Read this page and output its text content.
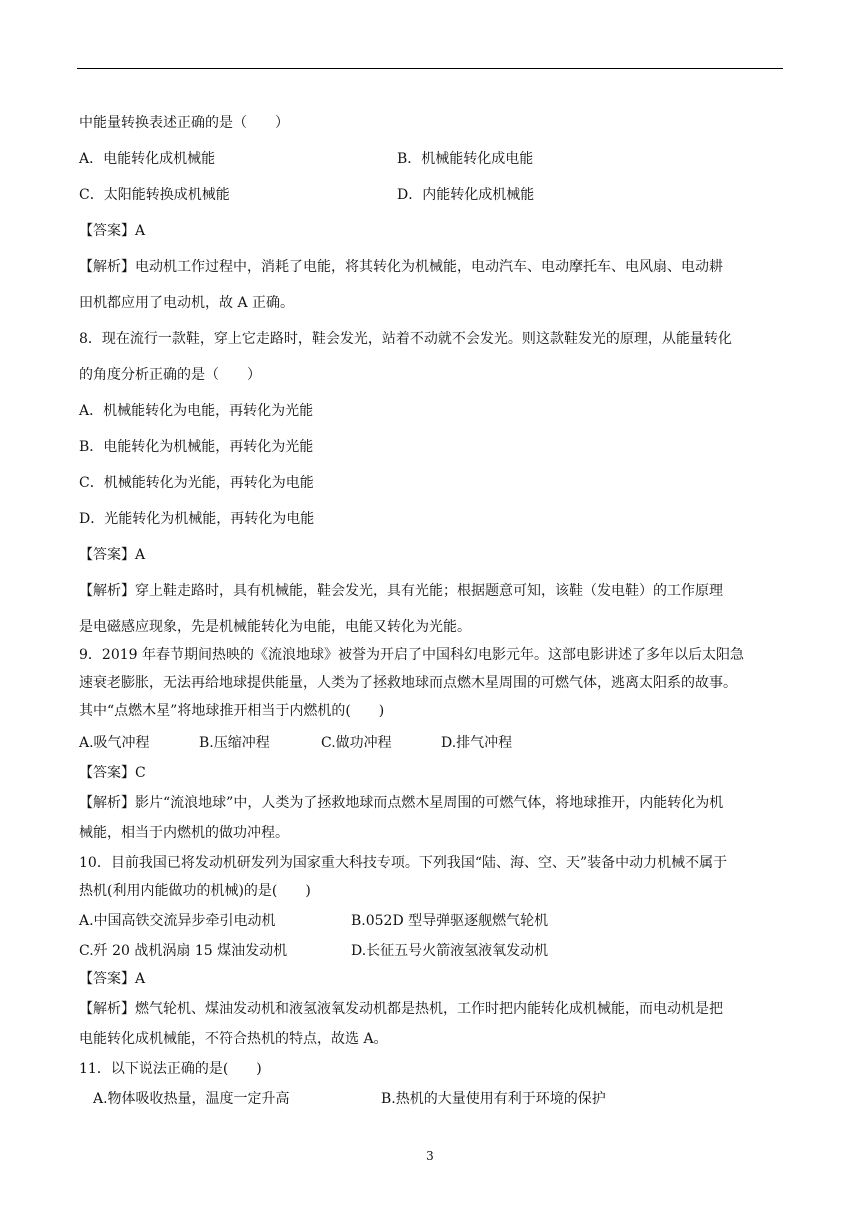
中能量转换表述正确的是（　　）
A．电能转化成机械能	B．机械能转化成电能
C．太阳能转换成机械能	D．内能转化成机械能
【答案】A
【解析】电动机工作过程中，消耗了电能，将其转化为机械能，电动汽车、电动摩托车、电风扇、电动耕
田机都应用了电动机，故 A 正确。
8．现在流行一款鞋，穿上它走路时，鞋会发光，站着不动就不会发光。则这款鞋发光的原理，从能量转化
的角度分析正确的是（　　）
A．机械能转化为电能，再转化为光能
B．电能转化为机械能，再转化为光能
C．机械能转化为光能，再转化为电能
D．光能转化为机械能，再转化为电能
【答案】A
【解析】穿上鞋走路时，具有机械能，鞋会发光，具有光能；根据题意可知，该鞋（发电鞋）的工作原理
是电磁感应现象，先是机械能转化为电能，电能又转化为光能。
9．2019 年春节期间热映的《流浪地球》被誉为开启了中国科幻电影元年。这部电影讲述了多年以后太阳急
速衰老膨胀，无法再给地球提供能量，人类为了拯救地球而点燃木星周围的可燃气体，逃离太阳系的故事。
其中“点燃木星”将地球推开相当于内燃机的(　　)
A.吸气冲程	B.压缩冲程	C.做功冲程	D.排气冲程
【答案】C
【解析】影片“流浪地球”中，人类为了拯救地球而点燃木星周围的可燃气体，将地球推开，内能转化为机
械能，相当于内燃机的做功冲程。
10．目前我国已将发动机研发列为国家重大科技专项。下列我国“陆、海、空、天”装备中动力机械不属于
热机(利用内能做功的机械)的是(　　)
A.中国高铁交流异步牵引电动机	B.052D 型导弹驱逐舰燃气轮机
C.歼 20 战机涡扇 15 煤油发动机	D.长征五号火箭液氢液氧发动机
【答案】A
【解析】燃气轮机、煤油发动机和液氢液氧发动机都是热机，工作时把内能转化成机械能，而电动机是把
电能转化成机械能，不符合热机的特点，故选 A。
11．以下说法正确的是(　　)
A.物体吸收热量，温度一定升高	B.热机的大量使用有利于环境的保护
3
